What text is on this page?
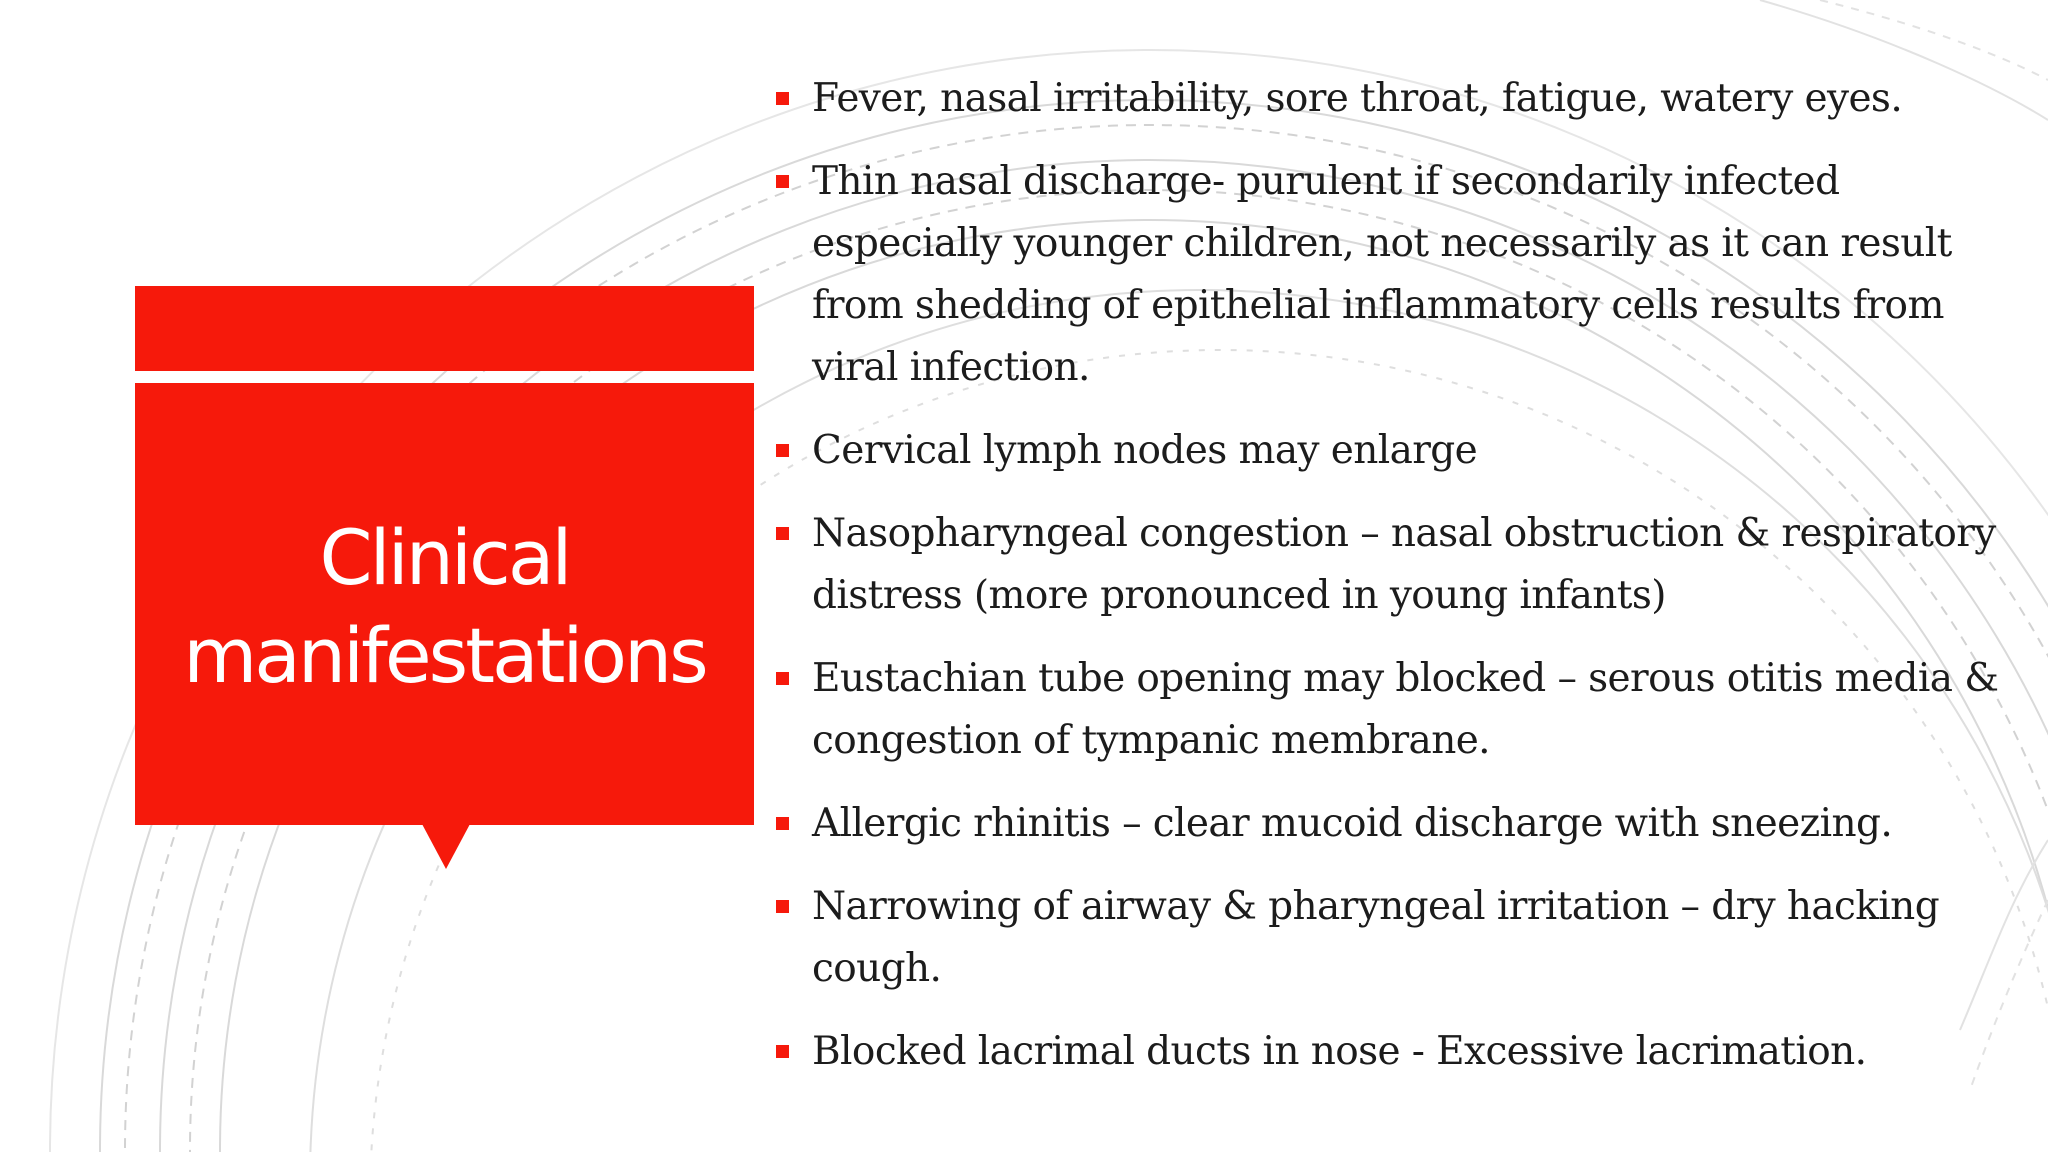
Clinical manifestations
Fever, nasal irritability, sore throat, fatigue, watery eyes.
Thin nasal discharge- purulent if secondarily infected especially younger children, not necessarily as it can result from shedding of epithelial inflammatory cells results from viral infection.
Cervical lymph nodes may enlarge
Nasopharyngeal congestion – nasal obstruction & respiratory distress (more pronounced in young infants)
Eustachian tube opening may blocked – serous otitis media & congestion of tympanic membrane.
Allergic rhinitis – clear mucoid discharge with sneezing.
Narrowing of airway & pharyngeal irritation – dry hacking cough.
Blocked lacrimal ducts in nose - Excessive lacrimation.
